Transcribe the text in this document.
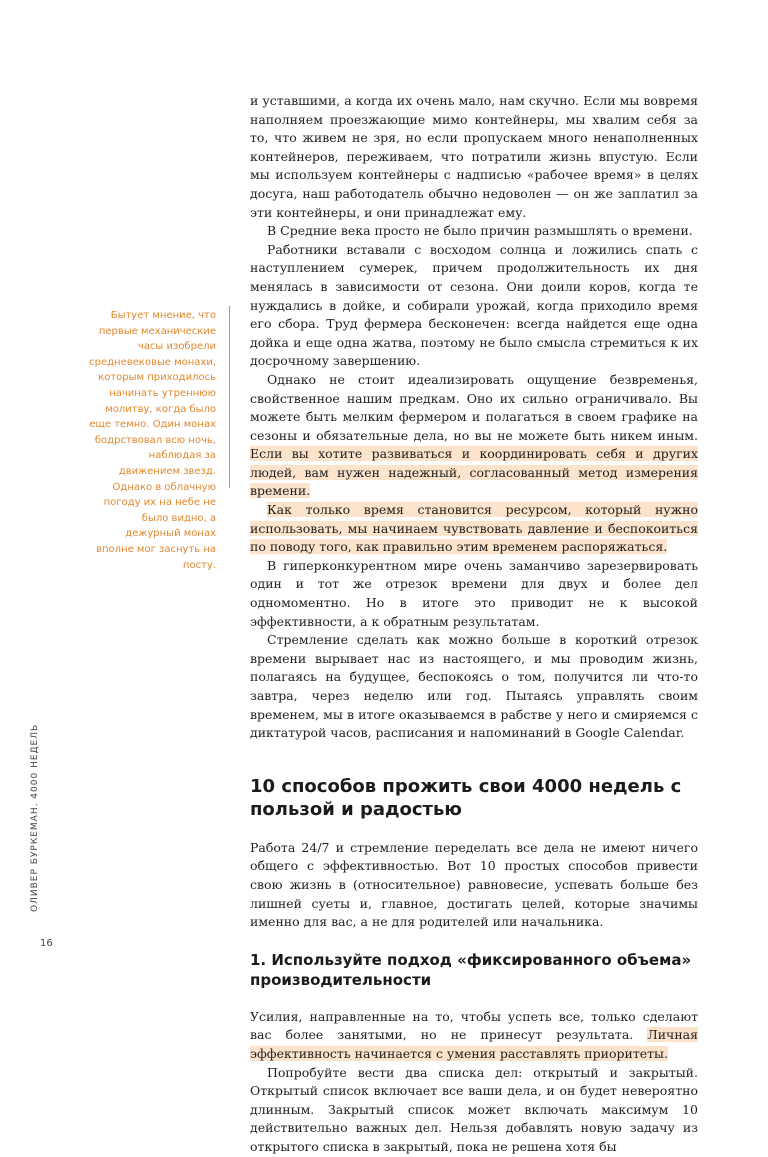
и уставшими, а когда их очень мало, нам скучно. Если мы вовремя наполняем проезжающие мимо контейнеры, мы хвалим себя за то, что живем не зря, но если пропускаем много ненаполненных контейнеров, переживаем, что потратили жизнь впустую. Если мы используем контейнеры с надписью «рабочее время» в целях досуга, наш работодатель обычно недоволен — он же заплатил за эти контейнеры, и они принадлежат ему.

В Средние века просто не было причин размышлять о времени.

Работники вставали с восходом солнца и ложились спать с наступлением сумерек, причем продолжительность их дня менялась в зависимости от сезона. Они доили коров, когда те нуждались в дойке, и собирали урожай, когда приходило время его сбора. Труд фермера бесконечен: всегда найдется еще одна дойка и еще одна жатва, поэтому не было смысла стремиться к их досрочному завершению.

Однако не стоит идеализировать ощущение безвременья, свойственное нашим предкам. Оно их сильно ограничивало. Вы можете быть мелким фермером и полагаться в своем графике на сезоны и обязательные дела, но вы не можете быть никем иным. Если вы хотите развиваться и координировать себя и других людей, вам нужен надежный, согласованный метод измерения времени.

Как только время становится ресурсом, который нужно использовать, мы начинаем чувствовать давление и беспокоиться по поводу того, как правильно этим временем распоряжаться.

В гиперконкурентном мире очень заманчиво зарезервировать один и тот же отрезок времени для двух и более дел одномоментно. Но в итоге это приводит не к высокой эффективности, а к обратным результатам.

Стремление сделать как можно больше в короткий отрезок времени вырывает нас из настоящего, и мы проводим жизнь, полагаясь на будущее, беспокоясь о том, получится ли что-то завтра, через неделю или год. Пытаясь управлять своим временем, мы в итоге оказываемся в рабстве у него и смиряемся с диктатурой часов, расписания и напоминаний в Google Calendar.

10 способов прожить свои 4000 недель с пользой и радостью

Работа 24/7 и стремление переделать все дела не имеют ничего общего с эффективностью. Вот 10 простых способов привести свою жизнь в (относительное) равновесие, успевать больше без лишней суеты и, главное, достигать целей, которые значимы именно для вас, а не для родителей или начальника.

1. Используйте подход «фиксированного объема» производительности

Усилия, направленные на то, чтобы успеть все, только сделают вас более занятыми, но не принесут результата. Личная эффективность начинается с умения расставлять приоритеты.

Попробуйте вести два списка дел: открытый и закрытый. Открытый список включает все ваши дела, и он будет невероятно длинным. Закрытый список может включать максимум 10 действительно важных дел. Нельзя добавлять новую задачу из открытого списка в закрытый, пока не решена хотя бы

Бытует мнение, что первые механические часы изобрели средневековые монахи, которым приходилось начинать утреннюю молитву, когда было еще темно. Один монах бодрствовал всю ночь, наблюдая за движением звезд. Однако в облачную погоду их на небе не было видно, а дежурный монах вполне мог заснуть на посту.
ОЛИВЕР БУРКЕМАН. 4000 НЕДЕЛЬ
16
